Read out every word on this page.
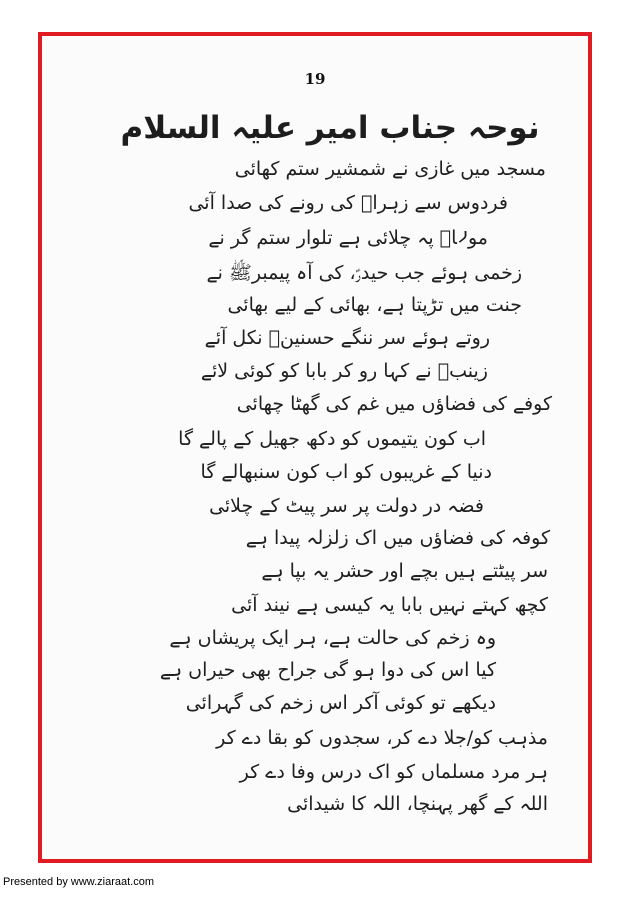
19
نوحہ جناب امیر علیہ السلام
مسجد میں غازی نے شمشیر ستم کھائی
فردوس سے زہراؑ کی رونے کی صدا آئی
مولاؑ پہ چلائی ہے تلوار ستم گر نے
زخمی ہوئے جب حیدرؑ، کی آہ پیمبرﷺ نے
جنت میں تڑپتا ہے، بھائی کے لیے بھائی
روتے ہوئے سر ننگے حسنینؑ نکل آئے
زینبؑ نے کہا رو کر بابا کو کوئی لائے
کوفے کی فضاؤں میں غم کی گھٹا چھائی
اب کون یتیموں کو دکھ جھیل کے پالے گا
دنیا کے غریبوں کو اب کون سنبھالے گا
فضہ در دولت پر سر پیٹ کے چلائی
کوفہ کی فضاؤں میں اک زلزلہ پیدا ہے
سر پیٹتے ہیں بچے اور حشر یہ بپا ہے
کچھ کہتے نہیں بابا یہ کیسی ہے نیند آئی
وہ زخم کی حالت ہے، ہر ایک پریشاں ہے
کیا اس کی دوا ہو گی جراح بھی حیراں ہے
دیکھے تو کوئی آکر اس زخم کی گہرائی
مذہب کو/جلا دے کر، سجدوں کو بقا دے کر
ہر مرد مسلماں کو اک درس وفا دے کر
اللہ کے گھر پہنچا، اللہ کا شیدائی
Presented by www.ziaraat.com
